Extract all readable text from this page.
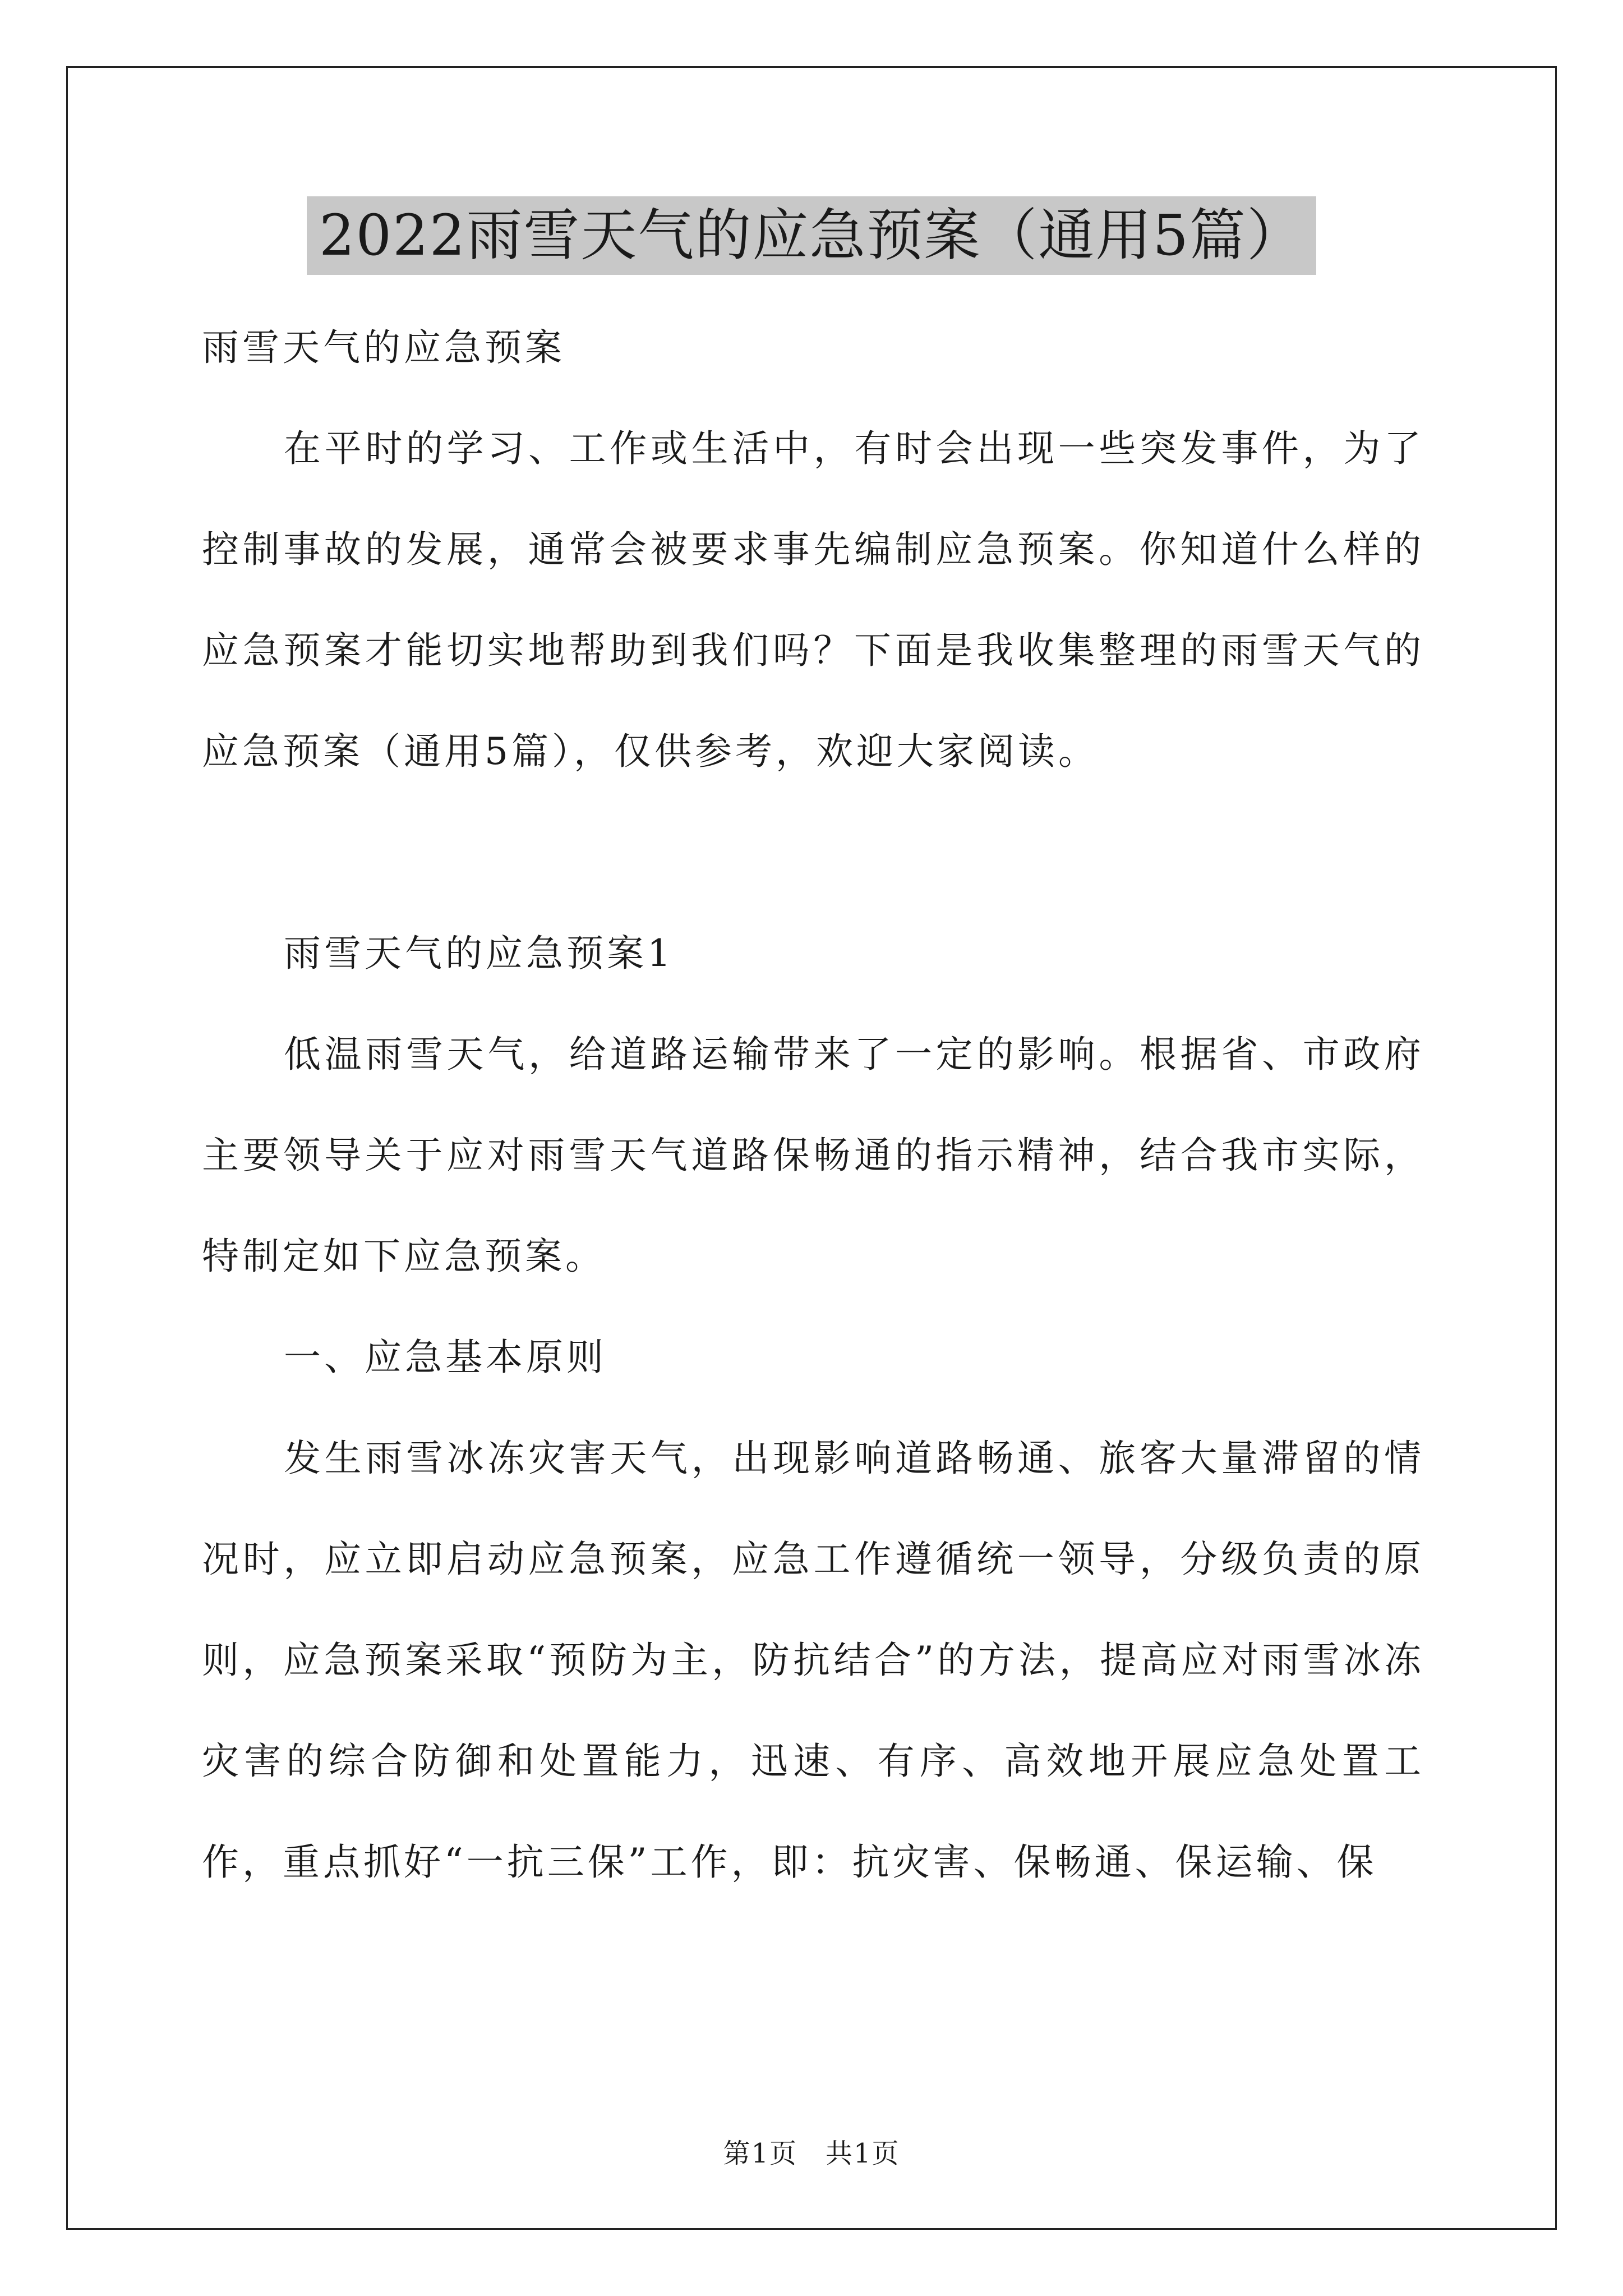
2022雨雪天气的应急预案（通用5篇）

雨雪天气的应急预案

在平时的学习、工作或生活中，有时会出现一些突发事件，为了控制事故的发展，通常会被要求事先编制应急预案。你知道什么样的应急预案才能切实地帮助到我们吗？下面是我收集整理的雨雪天气的应急预案（通用5篇），仅供参考，欢迎大家阅读。

雨雪天气的应急预案1

低温雨雪天气，给道路运输带来了一定的影响。根据省、市政府主要领导关于应对雨雪天气道路保畅通的指示精神，结合我市实际，特制定如下应急预案。

一、应急基本原则

发生雨雪冰冻灾害天气，出现影响道路畅通、旅客大量滞留的情况时，应立即启动应急预案，应急工作遵循统一领导，分级负责的原则，应急预案采取“预防为主，防抗结合”的方法，提高应对雨雪冰冻灾害的综合防御和处置能力，迅速、有序、高效地开展应急处置工作，重点抓好“一抗三保”工作，即：抗灾害、保畅通、保运输、保

第1页　共1页
